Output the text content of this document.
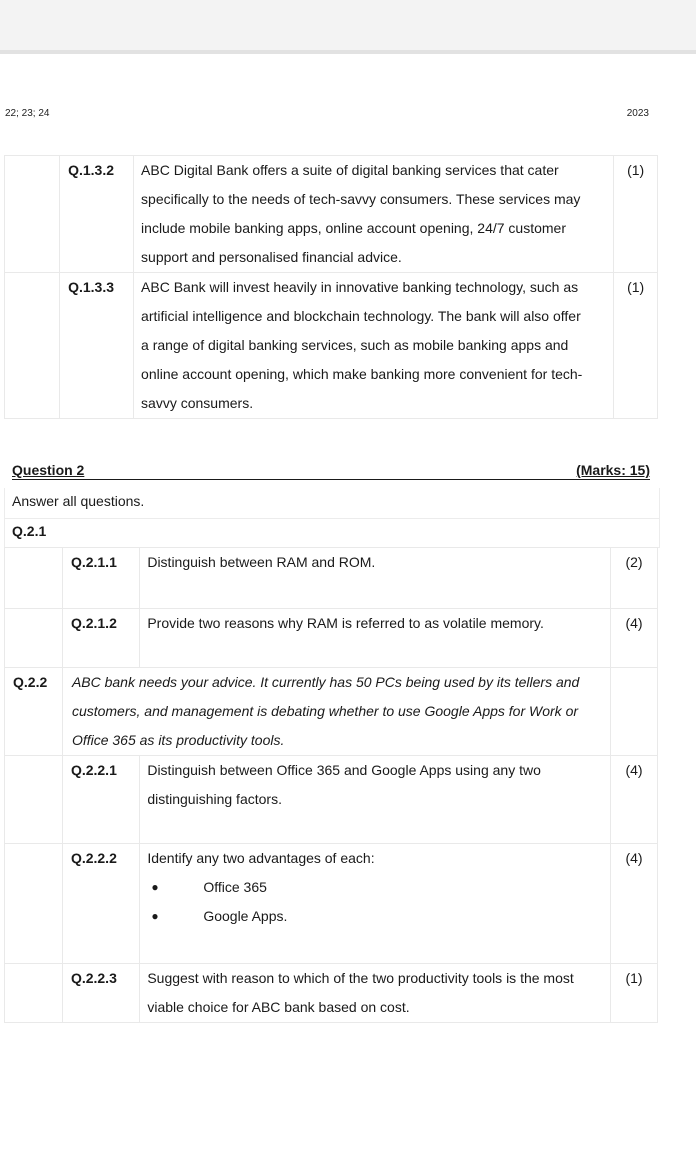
22; 23; 24	2023
	Q.1.3.2	ABC Digital Bank offers a suite of digital banking services that cater
specifically to the needs of tech-savvy consumers. These services may
include mobile banking apps, online account opening, 24/7 customer
support and personalised financial advice.	(1)
	Q.1.3.3	ABC Bank will invest heavily in innovative banking technology, such as
artificial intelligence and blockchain technology. The bank will also offer
a range of digital banking services, such as mobile banking apps and
online account opening, which make banking more convenient for tech-
savvy consumers.	(1)
Question 2	(Marks: 15)
Answer all questions.
Q.2.1
	Q.2.1.1	Distinguish between RAM and ROM.	(2)
	Q.2.1.2	Provide two reasons why RAM is referred to as volatile memory.	(4)
Q.2.2	ABC bank needs your advice. It currently has 50 PCs being used by its tellers and
customers, and management is debating whether to use Google Apps for Work or
Office 365 as its productivity tools.		

	Q.2.2.1	Distinguish between Office 365 and Google Apps using any two
distinguishing factors.	(4)
	Q.2.2.2	Identify any two advantages of each:
● Office 365
● Google Apps.	(4)
	Q.2.2.3	Suggest with reason to which of the two productivity tools is the most
viable choice for ABC bank based on cost.	(1)
